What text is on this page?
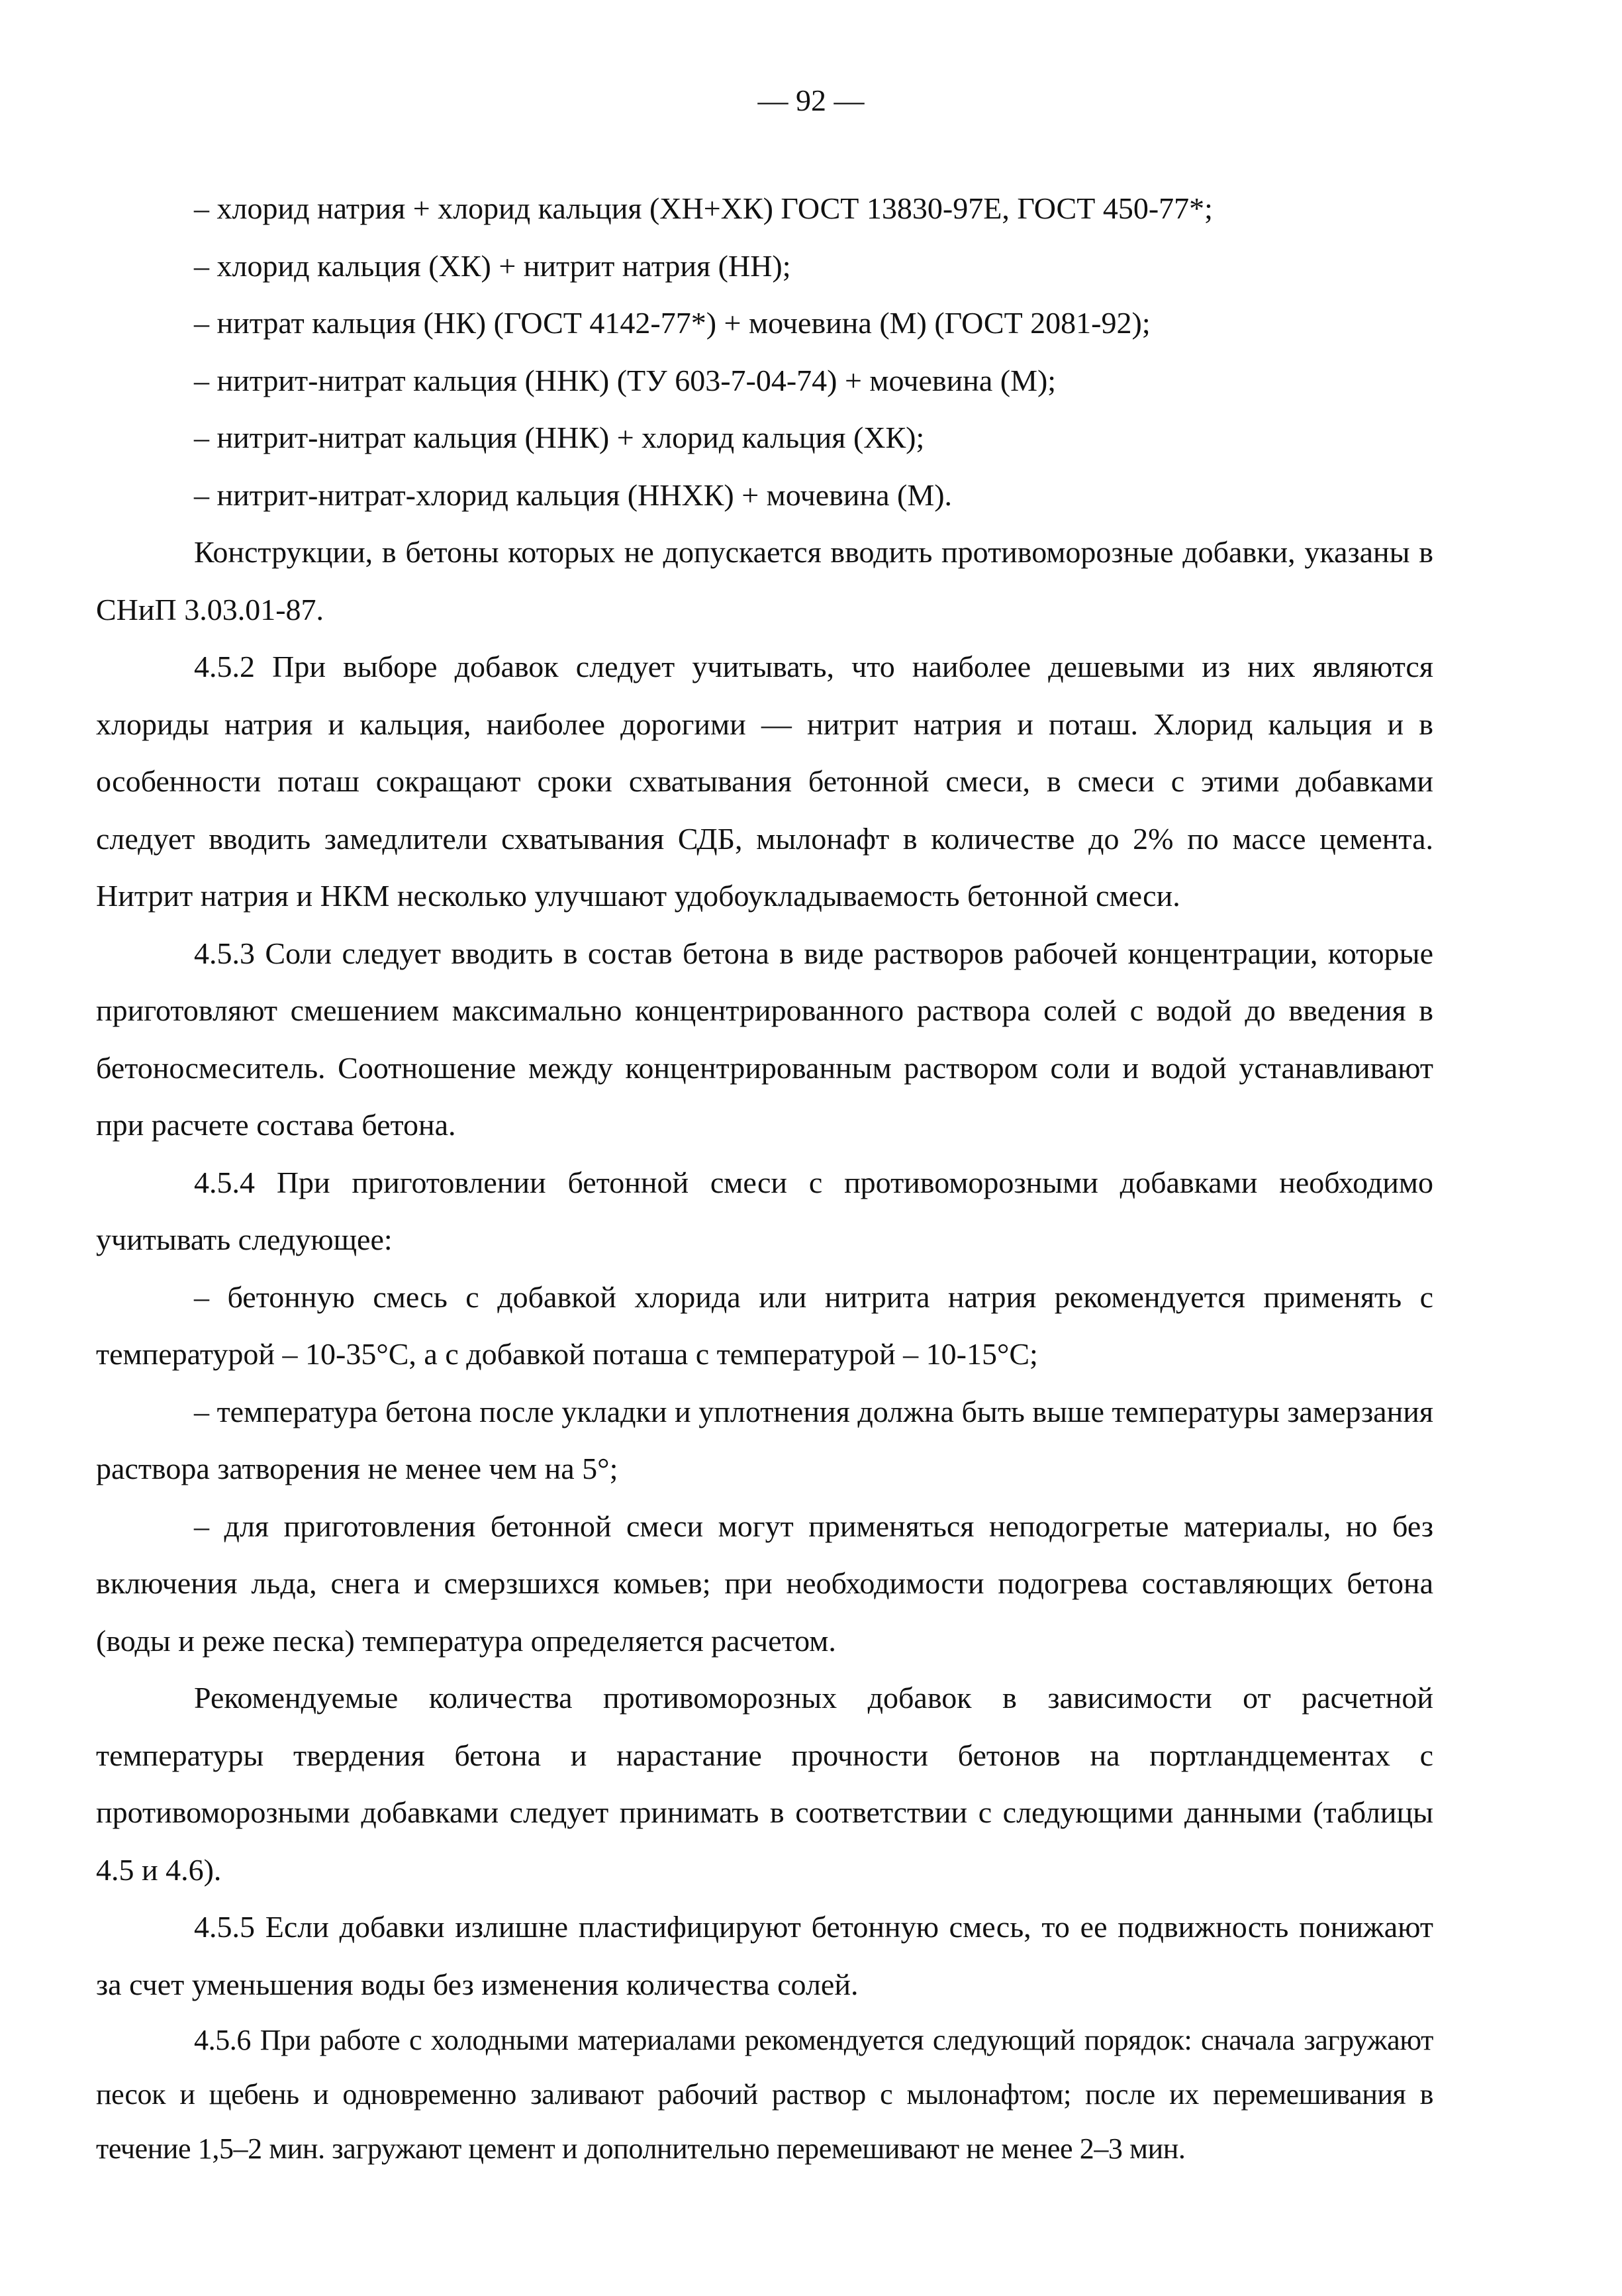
— 92 —

– хлорид натрия + хлорид кальция (ХН+ХК) ГОСТ 13830-97Е, ГОСТ 450-77*;

– хлорид кальция (ХК) + нитрит натрия (НН);

– нитрат кальция (НК) (ГОСТ 4142-77*) + мочевина (М) (ГОСТ 2081-92);

– нитрит-нитрат кальция (ННК) (ТУ 603-7-04-74) + мочевина (М);

– нитрит-нитрат кальция (ННК) + хлорид кальция (ХК);

– нитрит-нитрат-хлорид кальция (ННХК) + мочевина (М).

Конструкции, в бетоны которых не допускается вводить противоморозные добавки, указаны в СНиП 3.03.01-87.

4.5.2 При выборе добавок следует учитывать, что наиболее дешевыми из них являются хлориды натрия и кальция, наиболее дорогими — нитрит натрия и поташ. Хлорид кальция и в особенности поташ сокращают сроки схватывания бетонной смеси, в смеси с этими добавками следует вводить замедлители схватывания СДБ, мылонафт в количестве до 2% по массе цемента. Нитрит натрия и НКМ несколько улучшают удобоукладываемость бетонной смеси.

4.5.3 Соли следует вводить в состав бетона в виде растворов рабочей концентрации, которые приготовляют смешением максимально концентрированного раствора солей с водой до введения в бетоносмеситель. Соотношение между концентрированным раствором соли и водой устанавливают при расчете состава бетона.

4.5.4 При приготовлении бетонной смеси с противоморозными добавками необходимо учитывать следующее:

– бетонную смесь с добавкой хлорида или нитрита натрия рекомендуется применять с температурой – 10-35°С, а с добавкой поташа с температурой – 10-15°С;

– температура бетона после укладки и уплотнения должна быть выше температуры замерзания раствора затворения не менее чем на 5°;

– для приготовления бетонной смеси могут применяться неподогретые материалы, но без включения льда, снега и смерзшихся комьев; при необходимости подогрева составляющих бетона (воды и реже песка) температура определяется расчетом.

Рекомендуемые количества противоморозных добавок в зависимости от расчетной температуры твердения бетона и нарастание прочности бетонов на портландцементах с противоморозными добавками следует принимать в соответствии с следующими данными (таблицы 4.5 и 4.6).

4.5.5 Если добавки излишне пластифицируют бетонную смесь, то ее подвижность понижают за счет уменьшения воды без изменения количества солей.

4.5.6 При работе с холодными материалами рекомендуется следующий порядок: сначала загружают песок и щебень и одновременно заливают рабочий раствор с мылонафтом; после их перемешивания в течение 1,5–2 мин. загружают цемент и дополнительно перемешивают не менее 2–3 мин.
